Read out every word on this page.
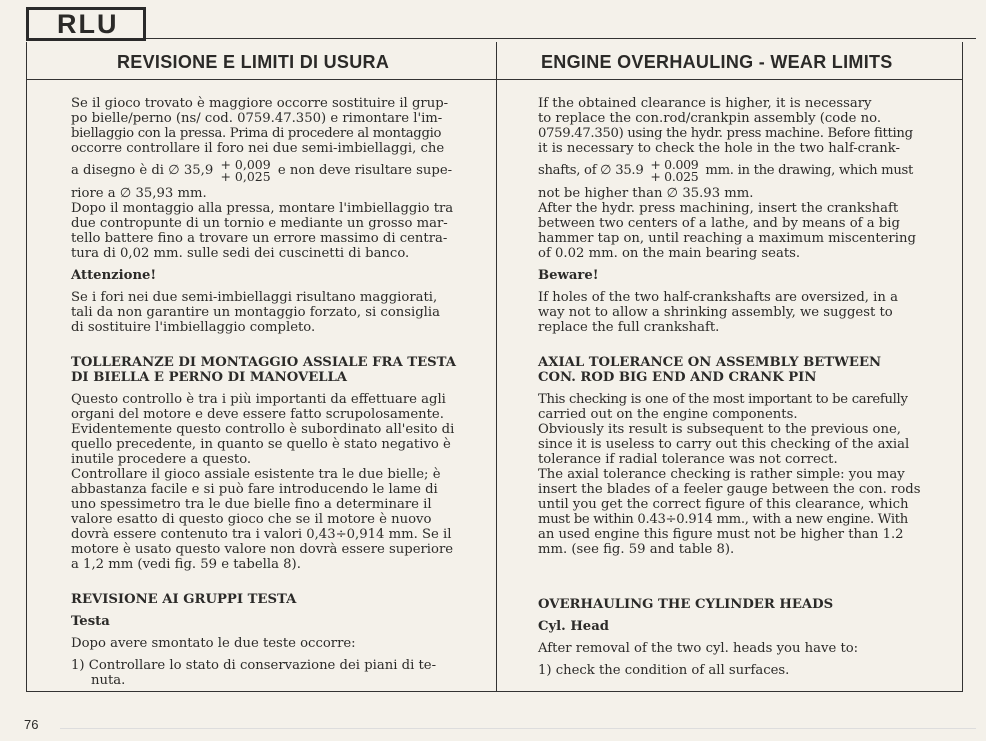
RLU
REVISIONE E LIMITI DI USURA	ENGINE OVERHAULING - WEAR LIMITS
Se il gioco trovato è maggiore occorre sostituire il grup-
po bielle/perno (ns/ cod. 0759.47.350) e rimontare l'im-
biellaggio con la pressa. Prima di procedere al montaggio
occorre controllare il foro nei due semi-imbiellaggi, che
a disegno è di ∅ 35,9 + 0,009
+ 0,025 e non deve risultare supe-
riore a ∅ 35,93 mm.
Dopo il montaggio alla pressa, montare l'imbiellaggio tra
due contropunte di un tornio e mediante un grosso mar-
tello battere fino a trovare un errore massimo di centra-
tura di 0,02 mm. sulle sedi dei cuscinetti di banco.
Attenzione!
Se i fori nei due semi-imbiellaggi risultano maggiorati,
tali da non garantire un montaggio forzato, si consiglia
di sostituire l'imbiellaggio completo.
TOLLERANZE DI MONTAGGIO ASSIALE FRA TESTA
DI BIELLA E PERNO DI MANOVELLA
Questo controllo è tra i più importanti da effettuare agli
organi del motore e deve essere fatto scrupolosamente.
Evidentemente questo controllo è subordinato all'esito di
quello precedente, in quanto se quello è stato negativo è
inutile procedere a questo.
Controllare il gioco assiale esistente tra le due bielle; è
abbastanza facile e si può fare introducendo le lame di
uno spessimetro tra le due bielle fino a determinare il
valore esatto di questo gioco che se il motore è nuovo
dovrà essere contenuto tra i valori 0,43÷0,914 mm. Se il
motore è usato questo valore non dovrà essere superiore
a 1,2 mm (vedi fig. 59 e tabella 8).
REVISIONE AI GRUPPI TESTA
Testa
Dopo avere smontato le due teste occorre:
1) Controllare lo stato di conservazione dei piani di te-
nuta.
If the obtained clearance is higher, it is necessary
to replace the con.rod/crankpin assembly (code no.
0759.47.350) using the hydr. press machine. Before fitting
it is necessary to check the hole in the two half-crank-
shafts, of ∅ 35.9 + 0.009
+ 0.025 mm. in the drawing, which must
not be higher than ∅ 35.93 mm.
After the hydr. press machining, insert the crankshaft
between two centers of a lathe, and by means of a big
hammer tap on, until reaching a maximum miscentering
of 0.02 mm. on the main bearing seats.
Beware!
If holes of the two half-crankshafts are oversized, in a
way not to allow a shrinking assembly, we suggest to
replace the full crankshaft.
AXIAL TOLERANCE ON ASSEMBLY BETWEEN
CON. ROD BIG END AND CRANK PIN
This checking is one of the most important to be carefully
carried out on the engine components.
Obviously its result is subsequent to the previous one,
since it is useless to carry out this checking of the axial
tolerance if radial tolerance was not correct.
The axial tolerance checking is rather simple: you may
insert the blades of a feeler gauge between the con. rods
until you get the correct figure of this clearance, which
must be within 0.43÷0.914 mm., with a new engine. With
an used engine this figure must not be higher than 1.2
mm. (see fig. 59 and table 8).
OVERHAULING THE CYLINDER HEADS
Cyl. Head
After removal of the two cyl. heads you have to:
1) check the condition of all surfaces.
76
